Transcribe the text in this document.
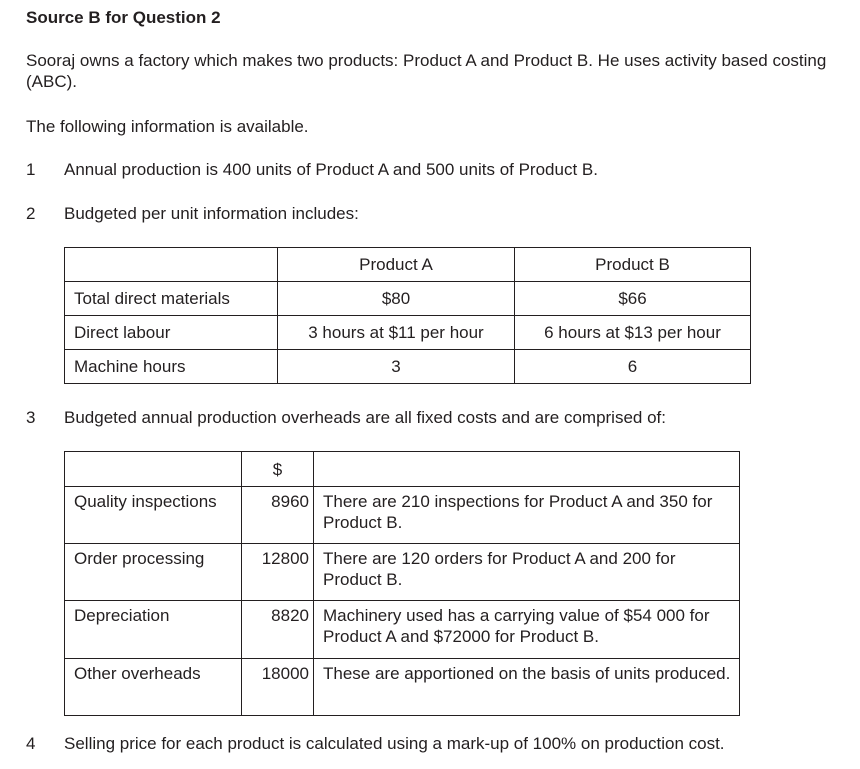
Source B for Question 2
Sooraj owns a factory which makes two products: Product A and Product B. He uses activity based costing (ABC).
The following information is available.
1 Annual production is 400 units of Product A and 500 units of Product B.
2 Budgeted per unit information includes:
	Product A	Product B
Total direct materials	$80	$66
Direct labour	3 hours at $11 per hour	6 hours at $13 per hour
Machine hours	3	6
3 Budgeted annual production overheads are all fixed costs and are comprised of:
	$	
Quality inspections	8960	There are 210 inspections for Product A and 350 for Product B.
Order processing	12800	There are 120 orders for Product A and 200 for Product B.
Depreciation	8820	Machinery used has a carrying value of $54 000 for Product A and $72000 for Product B.
Other overheads	18000	These are apportioned on the basis of units produced.
4 Selling price for each product is calculated using a mark-up of 100% on production cost.
